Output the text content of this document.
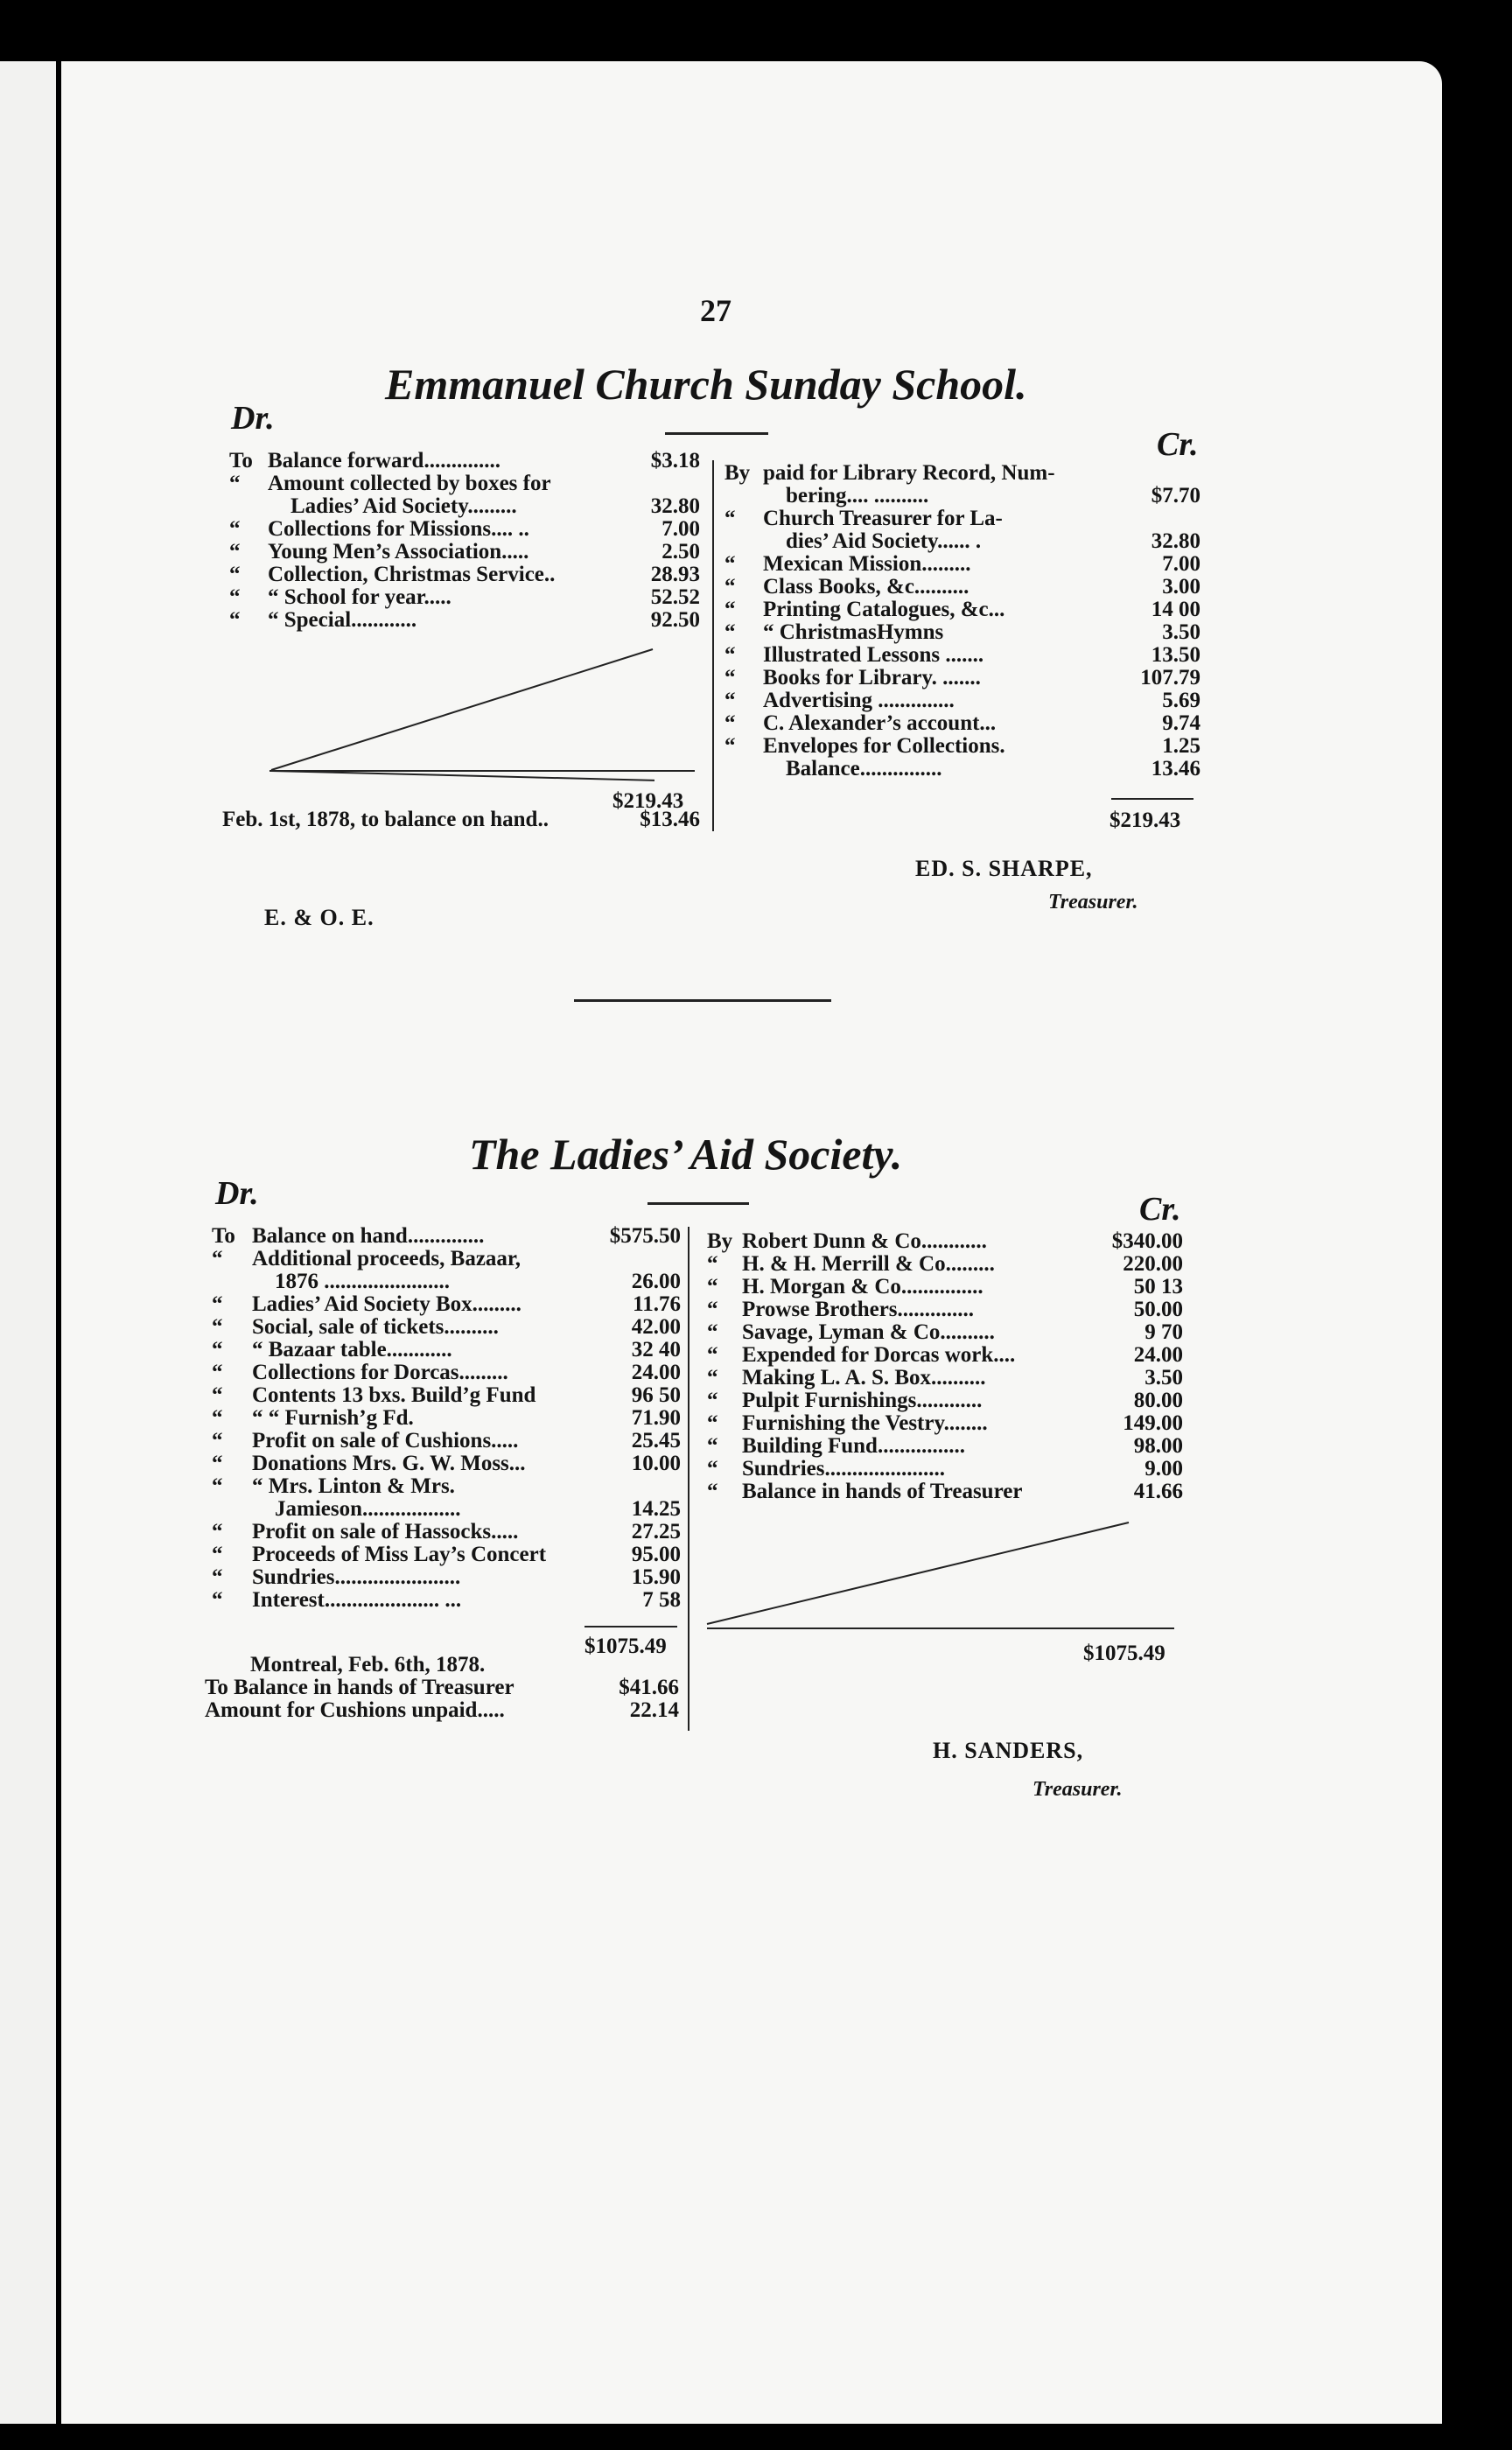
27
Emmanuel Church Sunday School.
Dr.
Cr.
To Balance forward..............	$3.18
“ Amount collected by boxes for
Ladies’ Aid Society.........	32.80
“ Collections for Missions.... ..	7.00
“ Young Men’s Association.....	2.50
“ Collection, Christmas Service..	28.93
“ “ School for year.....	52.52
“ “ Special............	92.50
By paid for Library Record, Num-
bering.... ..........	$7.70
“ Church Treasurer for La-
dies’ Aid Society...... .	32.80
“ Mexican Mission.........	7.00
“ Class Books, &c..........	3.00
“ Printing Catalogues, &c...	14 00
“ “ ChristmasHymns	3.50
“ Illustrated Lessons .......	13.50
“ Books for Library. .......	107.79
“ Advertising ..............	5.69
“ C. Alexander’s account...	9.74
“ Envelopes for Collections.	1.25
Balance...............	13.46
$219.43
Feb. 1st, 1878, to balance on hand..	$13.46	$219.43
ED. S. SHARPE,
Treasurer.
E. & O. E.
The Ladies’ Aid Society.
Dr.	Cr.
To Balance on hand..............	$575.50
“ Additional proceeds, Bazaar,
1876 .......................	26.00
“ Ladies’ Aid Society Box.........	11.76
“ Social, sale of tickets..........	42.00
“ “ Bazaar table............	32 40
“ Collections for Dorcas.........	24.00
“ Contents 13 bxs. Build’g Fund	96 50
“ “ “ Furnish’g Fd.	71.90
“ Profit on sale of Cushions.....	25.45
“ Donations Mrs. G. W. Moss...	10.00
“ “ Mrs. Linton & Mrs.
Jamieson..................	14.25
“ Profit on sale of Hassocks.....	27.25
“ Proceeds of Miss Lay’s Concert	95.00
“ Sundries.......................	15.90
“ Interest..................... ...	7 58
By Robert Dunn & Co............	$340.00
“ H. & H. Merrill & Co.........	220.00
“ H. Morgan & Co...............	50 13
“ Prowse Brothers..............	50.00
“ Savage, Lyman & Co..........	9 70
“ Expended for Dorcas work....	24.00
“ Making L. A. S. Box..........	3.50
“ Pulpit Furnishings............	80.00
“ Furnishing the Vestry........	149.00
“ Building Fund................	98.00
“ Sundries......................	9.00
“ Balance in hands of Treasurer	41.66
$1075.49
$1075.49
Montreal, Feb. 6th, 1878.
To Balance in hands of Treasurer	$41.66
Amount for Cushions unpaid.....	22.14
H. SANDERS,
Treasurer.
